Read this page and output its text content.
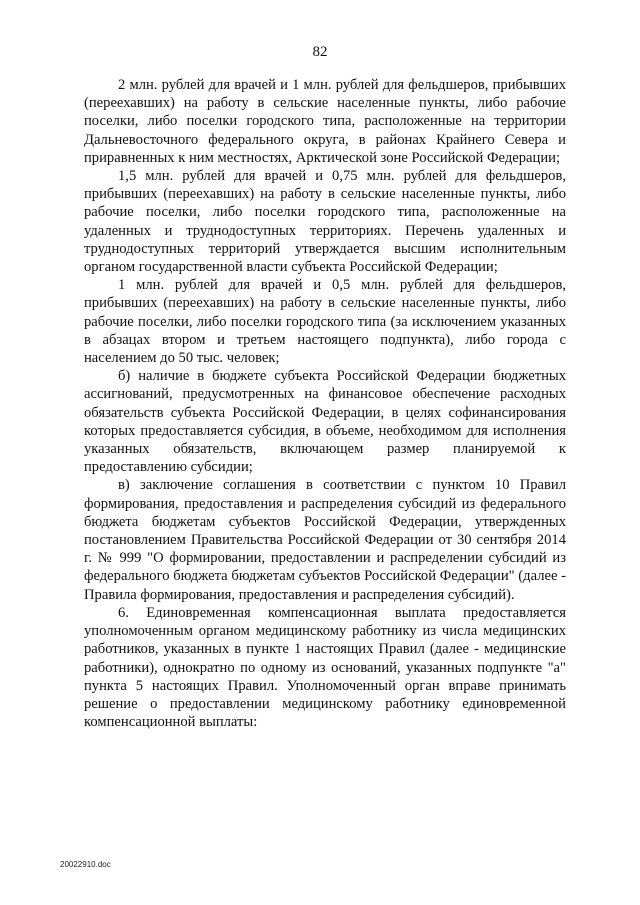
82

2 млн. рублей для врачей и 1 млн. рублей для фельдшеров, прибывших (переехавших) на работу в сельские населенные пункты, либо рабочие поселки, либо поселки городского типа, расположенные на территории Дальневосточного федерального округа, в районах Крайнего Севера и приравненных к ним местностях, Арктической зоне Российской Федерации;

1,5 млн. рублей для врачей и 0,75 млн. рублей для фельдшеров, прибывших (переехавших) на работу в сельские населенные пункты, либо рабочие поселки, либо поселки городского типа, расположенные на удаленных и труднодоступных территориях. Перечень удаленных и труднодоступных территорий утверждается высшим исполнительным органом государственной власти субъекта Российской Федерации;

1 млн. рублей для врачей и 0,5 млн. рублей для фельдшеров, прибывших (переехавших) на работу в сельские населенные пункты, либо рабочие поселки, либо поселки городского типа (за исключением указанных в абзацах втором и третьем настоящего подпункта), либо города с населением до 50 тыс. человек;

б) наличие в бюджете субъекта Российской Федерации бюджетных ассигнований, предусмотренных на финансовое обеспечение расходных обязательств субъекта Российской Федерации, в целях софинансирования которых предоставляется субсидия, в объеме, необходимом для исполнения указанных обязательств, включающем размер планируемой к предоставлению субсидии;

в) заключение соглашения в соответствии с пунктом 10 Правил формирования, предоставления и распределения субсидий из федерального бюджета бюджетам субъектов Российской Федерации, утвержденных постановлением Правительства Российской Федерации от 30 сентября 2014 г. № 999 "О формировании, предоставлении и распределении субсидий из федерального бюджета бюджетам субъектов Российской Федерации" (далее - Правила формирования, предоставления и распределения субсидий).

6. Единовременная компенсационная выплата предоставляется уполномоченным органом медицинскому работнику из числа медицинских работников, указанных в пункте 1 настоящих Правил (далее - медицинские работники), однократно по одному из оснований, указанных подпункте "а" пункта 5 настоящих Правил. Уполномоченный орган вправе принимать решение о предоставлении медицинскому работнику единовременной компенсационной выплаты:

20022910.doc
